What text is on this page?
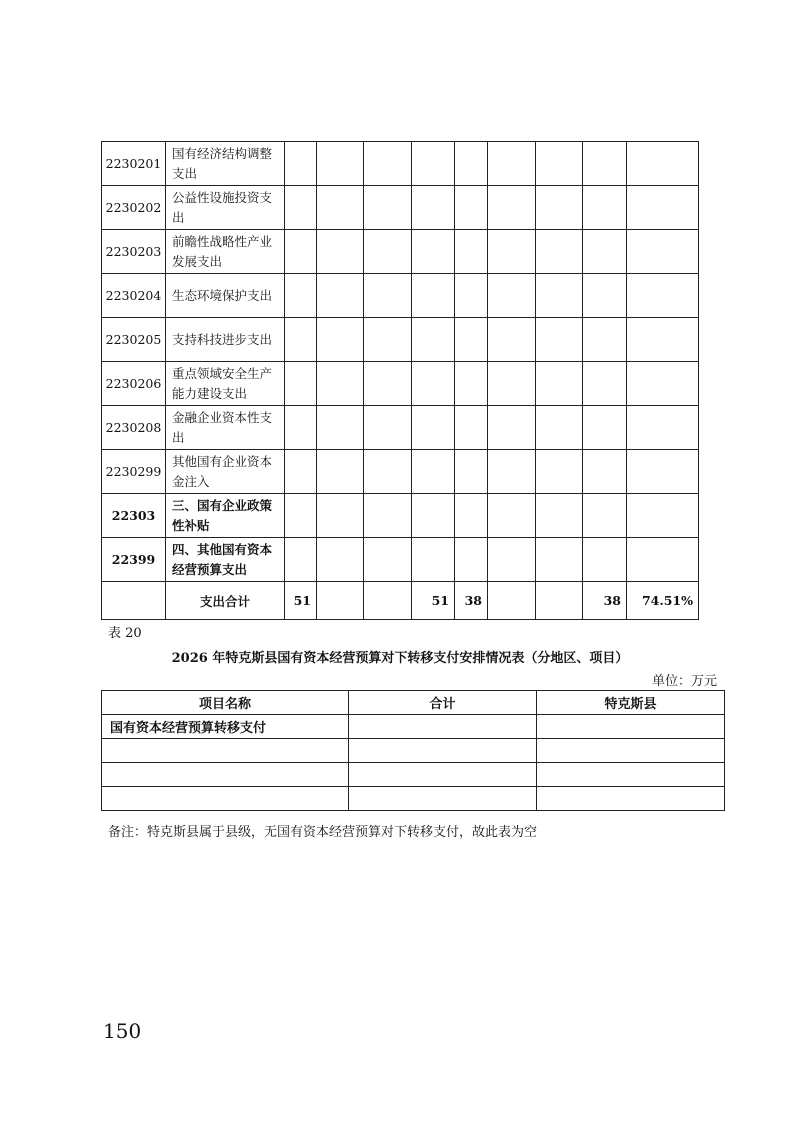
2230201	国有经济结构调整支出									
2230202	公益性设施投资支出									
2230203	前瞻性战略性产业发展支出									
2230204	生态环境保护支出									
2230205	支持科技进步支出									
2230206	重点领域安全生产能力建设支出									
2230208	金融企业资本性支出									
2230299	其他国有企业资本金注入									
22303	三、国有企业政策性补贴									
22399	四、其他国有资本经营预算支出									
	支出合计	51			51	38			38	74.51%
表 20
2026 年特克斯县国有资本经营预算对下转移支付安排情况表（分地区、项目）
单位：万元
项目名称	合计	特克斯县
国有资本经营预算转移支付		

备注：特克斯县属于县级，无国有资本经营预算对下转移支付，故此表为空
150
